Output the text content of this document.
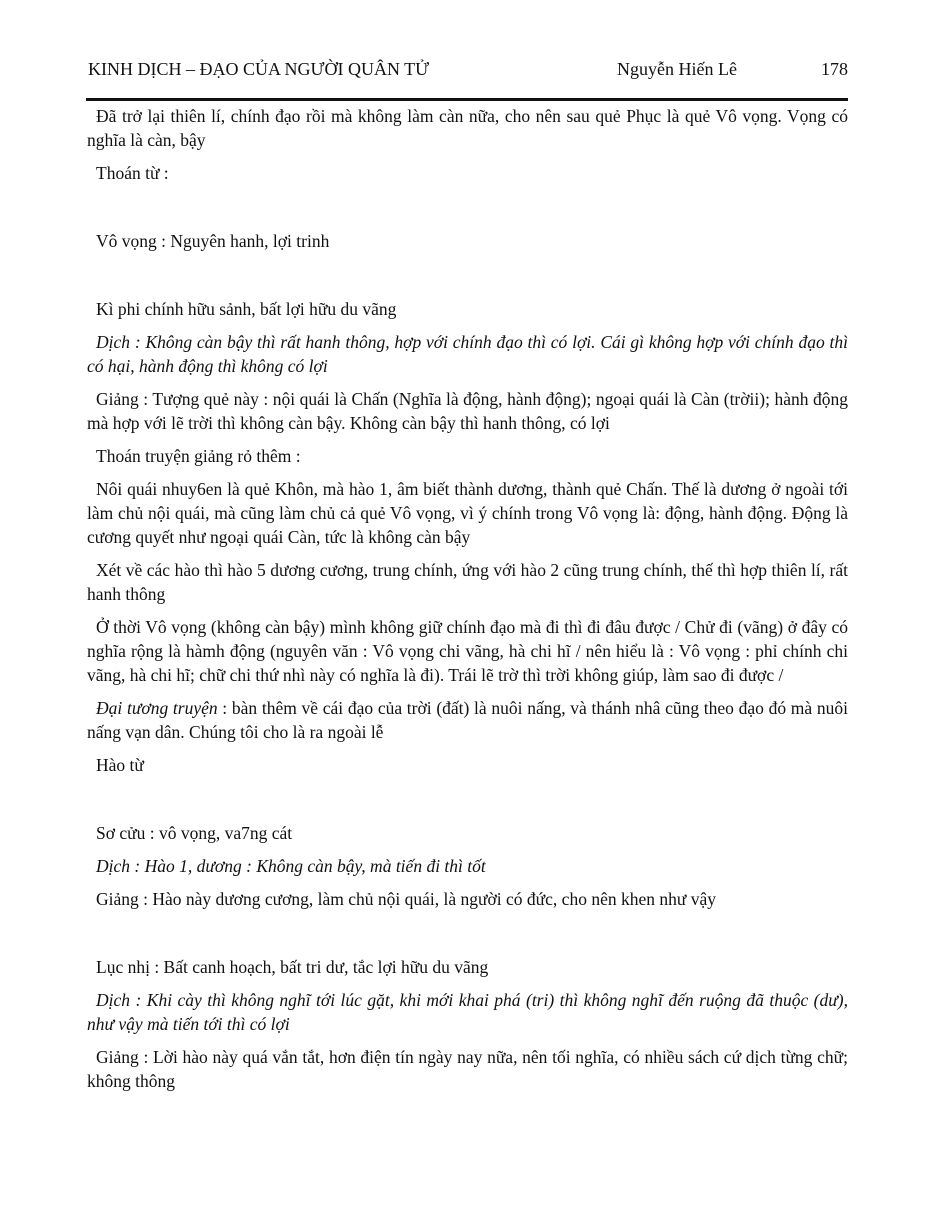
KINH DỊCH – ĐẠO CỦA NGƯỜI QUÂN TỬ	Nguyễn Hiến Lê	178

Đã trở lại thiên lí, chính đạo rồi mà không làm càn nữa, cho nên sau quẻ Phục là quẻ Vô vọng. Vọng có nghĩa là càn, bậy

Thoán từ :

Vô vọng : Nguyên hanh, lợi trinh

Kì phi chính hữu sảnh, bất lợi hữu du vãng

Dịch : Không càn bậy thì rất hanh thông, hợp với chính đạo thì có lợi. Cái gì không hợp với chính đạo thì có hại, hành động thì không có lợi

Giảng : Tượng quẻ này : nội quái là Chấn (Nghĩa là động, hành động); ngoại quái là Càn (trờii); hành động mà hợp với lẽ trời thì không càn bậy. Không càn bậy thì hanh thông, có lợi

Thoán truyện giảng rỏ thêm :

Nôi quái nhuy6en là quẻ Khôn, mà hào 1, âm biết thành dương, thành quẻ Chấn. Thế là dương ở ngoài tới làm chủ nội quái, mà cũng làm chủ cả quẻ Vô vọng, vì ý chính trong Vô vọng là: động, hành động. Động là cương quyết như ngoại quái Càn, tức là không càn bậy

Xét về các hào thì hào 5 dương cương, trung chính, ứng với hào 2 cũng trung chính, thế thì hợp thiên lí, rất hanh thông

Ở thời Vô vọng (không càn bậy) mình không giữ chính đạo mà đi thì đi đâu được / Chử đi (vãng) ở đây có nghĩa rộng là hàmh động (nguyên văn : Vô vọng chi vãng, hà chi hĩ / nên hiểu là : Vô vọng : phỉ chính chi vãng, hà chi hĩ; chữ chi thứ nhì này có nghĩa là đi). Trái lẽ trờ thì trời không giúp, làm sao đi được /

Đại tương truyện : bàn thêm về cái đạo của trời (đất) là nuôi nấng, và thánh nhâ cũng theo đạo đó mà nuôi nấng vạn dân. Chúng tôi cho là ra ngoài lễ

Hào từ

Sơ cửu : vô vọng, va7ng cát

Dịch : Hào 1, dương : Không càn bậy, mà tiến đi thì tốt

Giảng : Hào này dương cương, làm chủ nội quái, là người có đức, cho nên khen như vậy

Lục nhị : Bất canh hoạch, bất tri dư, tắc lợi hữu du vãng

Dịch : Khi cày thì không nghĩ tới lúc gặt, khi mới khai phá (tri) thì không nghĩ đến ruộng đã thuộc (dư), như vậy mà tiến tới thì có lợi

Giảng : Lời hào này quá vắn tắt, hơn điện tín ngày nay nữa, nên tối nghĩa, có nhiều sách cứ dịch từng chữ; không thông
